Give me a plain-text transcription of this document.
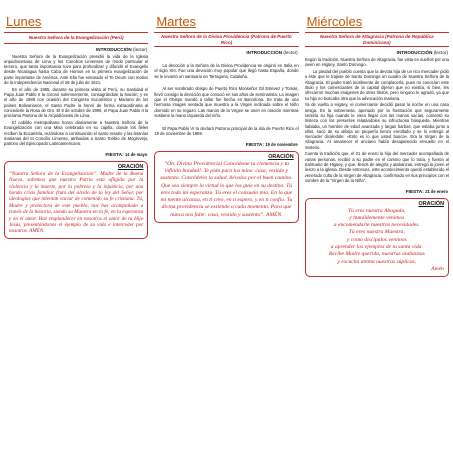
Lunes
Nuestra Señora de la Evangelización (Perú)
INTRODUCCIÓN (lector)

Nuestra Señora de la Evangelización presidió la vida de la Iglesia arquidiocesana de Lima y los Concilios Limenses de modo particular el tercero, que tanta importancia tuvo para profundizar y difundir el Evangelio desde Nicaragua hasta Cabo de Hornos en la primera evangelización de parte importante de América. Ante Ella fue entonado el Te Deum con motivo de la Independencia Nacional el 28 de julio de 1821.

En el año de 1985, durante su primera visita al Perú, su Santidad el Papa Juan Pablo II la coronó solemnemente, consagrándole la Nación; y en el año de 1988 con ocasión del Congreso Eucarístico y Mariano de los países Bolivarianos, el Santo Padre la honró de forma extraordinaria al concederle la Rosa de Oro. El 6 de octubre de 1990, el Papa Juan Pablo II la proclama Patrona de la Arquidiócesis de Lima.

El cabildo metropolitano honra diariamente a Nuestra Señora de la Evangelización con una Misa celebrada en su capilla, donde los fieles reciben la Eucaristía, rezándose a continuación el santo rosario y las letanías marianas del III Concilio Limense, atribuidas a Santo Toribio de Mogrovejo, patrono del Episcopado Latinoamericano.

FIESTA: 14 de mayo
ORACIÓN
“Nuestra Señora de la Evangelización”. Madre de la Buena Nueva, sabemos que nuestra Patria está afligida por la violencia y la muerte, por la pobreza y la injusticia, por una honda crisis familiar fruto del olvido de la ley del Señor, por ideologías que intentan vaciar de contenido su fe cristiana. Tú, Madre y protectora de este pueblo, nos has acompañado a través de la historia, siendo su Maestra en la fe, en la esperanza y en el amor. Haz resplandecer en nosotros el amor de tu Hijo Jesús, preséntándonos el ejemplo de su vida e interceder por nosotros. AMÉN.
Martes
Nuestra Señora de la Divina Providencia (Patrona de Puerto Rico)
INTRODUCCIÓN (lector)

La devoción a la Señora de la Divina Providencia se originó en Italia en el siglo XIII. Fue una devoción muy popular que llegó hasta España, donde se le levantó un santuario en Tarragona, Cataluña.

Al ser nombrado obispo de Puerto Rico Monseñor Gil Estevez y Tomás, llevó consigo la devoción que conoció en sus años de seminarista. La imagen que el Obispo mandó a tallar fue hecha en Barcelona. Se trata de una hermosa imagen sentada que muestra a la Virgen inclinada sobre el Niño dormido en su regazo. Las manos de la Virgen se unen en oración mientras sostiene la mano izquierda del niño.

El Papa Pablo VI la declaró Patrona principal de la isla de Puerto Rico el 19 de noviembre de 1969.

FIESTA: 19 de noviembre
ORACIÓN
“Oh, Divina Providencial Concédeme tu clemencia y tu infinita bondad!. Te pido para los míos: casa, vestido y sustento. Concédeles la salud, llévalos por el buen camino. Que sea siempre la virtud lo que los guíe en su destino. Tú eres todo mi esperanza. Tú eres el consuelo mío. En la que mi mente alcanza, en ti creo, en ti espero, y en ti confío. Tu divina providencia se extiende a cada momento. Para que nunca nos falte: casa, vestido y sustento”. AMÉN.
Miércoles
Nuestra Señora de Altagracia (Patrona de República Dominicana)
INTRODUCCIÓN (lector)

Según la tradición, Nuestra Señora de Altagracia, fue vista en sueños por una joven en Higüey, Santo Domingo.

La piedad del pueblo cuenta que la devota hija de un rico mercader pidió a éste que le trajese de Santo Domingo un cuadro de Nuestra Señora de la Altagracia. El padre trató inútilmente de complacerla, pues no conocían este título y los comerciantes de la capital dijeron que no existía, si bien, les ofrecieron muchas imágenes de otros títulos, pero ninguno le agradó, ya que su hija no buscaba otra que la advocación mariana.

Ya de vuelta a Higüey, el comerciante decidió pasar la noche en una casa amiga. En la sobremesa, apenado por la frustración que seguramente sentiría su hija cuando le viera llegar con las manos vacías, comentó su tristeza con los presentes relatándoles su infructuosa búsqueda. Mientras hablaba, un hombre de edad avanzada y largas barbas, que estaba junto a ellos, sacó de su alforja un pequeño lienzo enrollado y se lo entregó al mercader diciéndole: «Esto es lo que usted busca». Era la Virgen de la Altagracia. Al amanecer el anciano había desaparecido envuelto en el misterio.

Cuenta la tradición que, el 21 de enero la hija del mercader acompañada de varias personas, recibió a su padre en el camino que lo traía, y fueron al Santuario de Higüey, y que, llenos de alegría y alabanzas, entregó la joven el lienzo a la iglesia. Desde entonces, este acontecimiento quedó establecido el venerado culto de la Virgen de Altagracia, confirmado en sus principios con el nombre de la “Virgen de la Niña”.

FIESTA: 21 de enero
ORACIÓN
Tú eres nuestra Abogada,
y humildemente venimos
a encomendarte nuestras necesidades.
Tú eres nuestra Maestra,
y como discípulos venimos
a aprender los ejemplos de tu santa vida.
Recibe Madre querida, nuestras alabanzas
y escucha atenta nuestras súplicas.
Amén
